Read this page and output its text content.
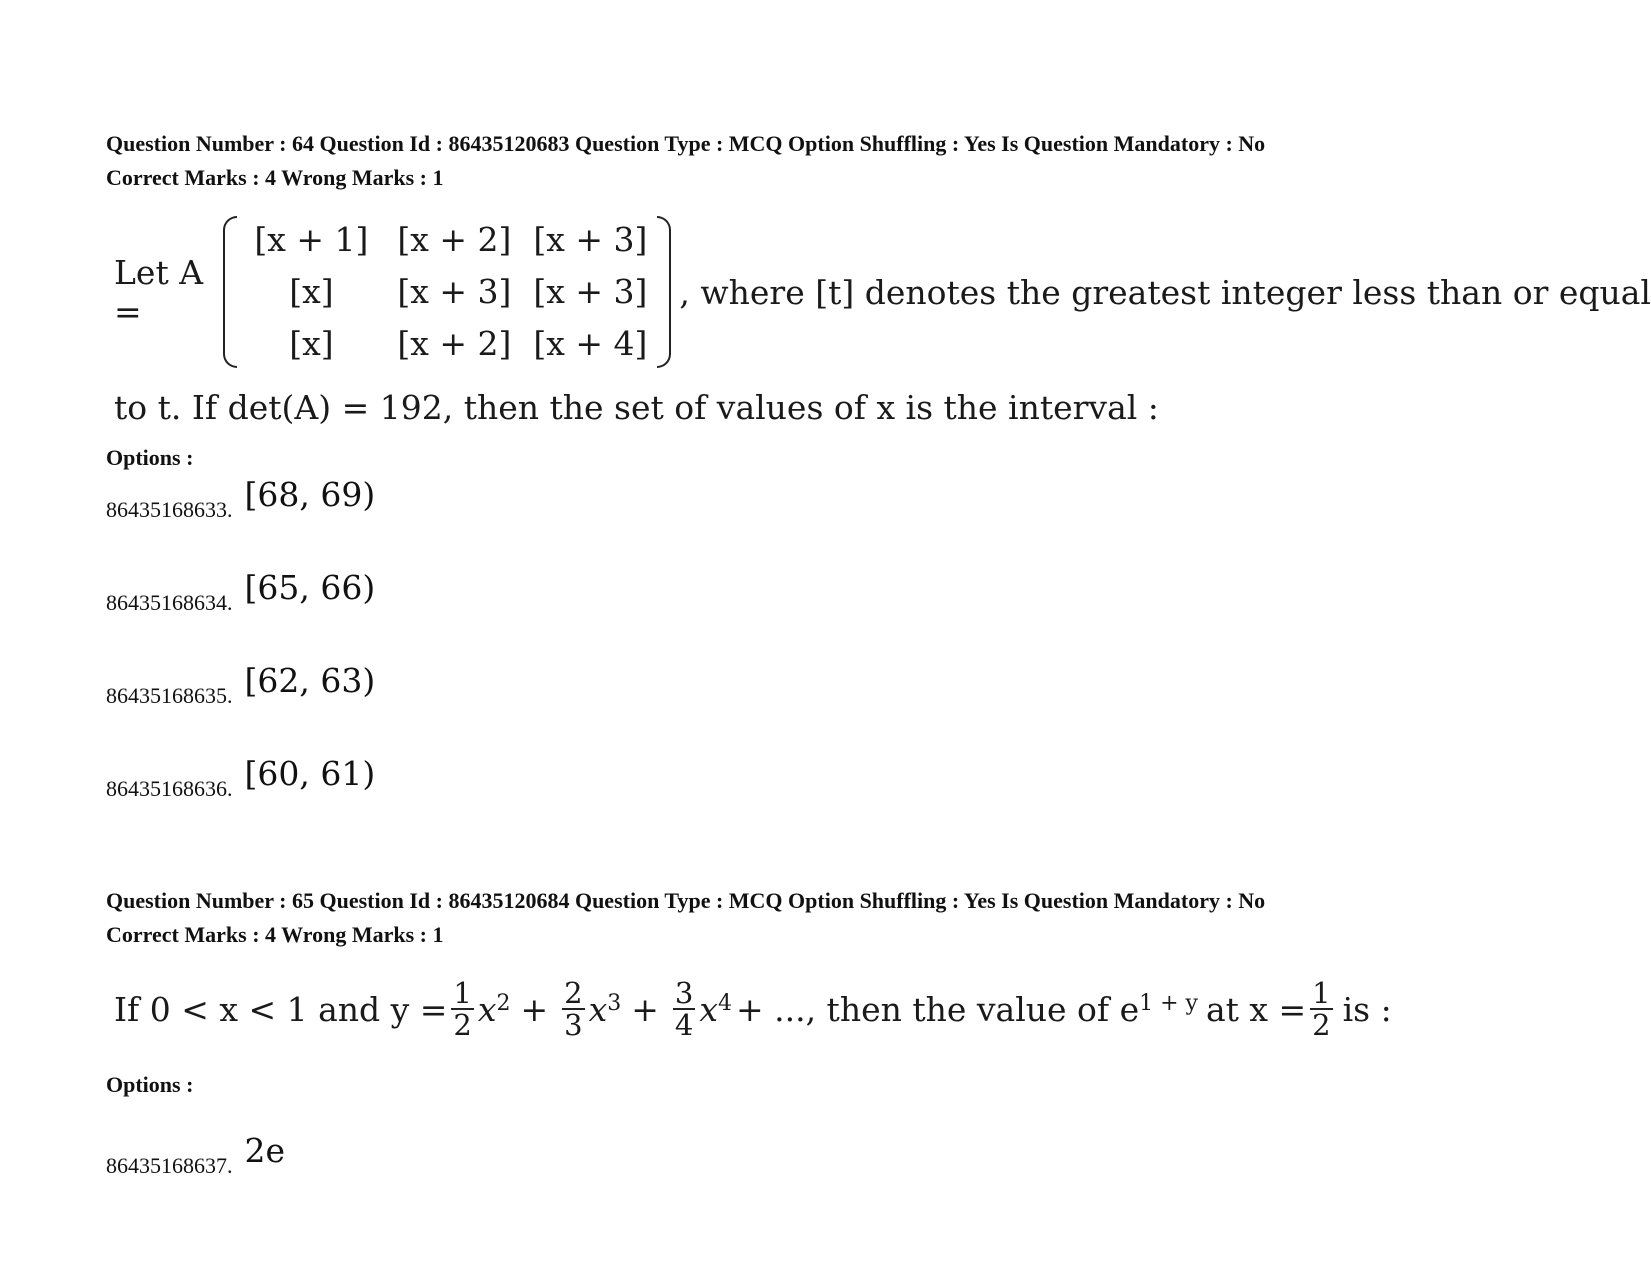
Question Number : 64 Question Id : 86435120683 Question Type : MCQ Option Shuffling : Yes Is Question Mandatory : No
Correct Marks : 4 Wrong Marks : 1
Let A =
[x + 1] [x + 2] [x + 3]
[x]	[x + 3] [x + 3]
[x]	[x + 2] [x + 4]
, where [t] denotes the greatest integer less than or equal
to t. If det(A) = 192, then the set of values of x is the interval :
Options :
86435168633. [68, 69)
86435168634. [65, 66)
86435168635. [62, 63)
86435168636. [60, 61)
Question Number : 65 Question Id : 86435120684 Question Type : MCQ Option Shuffling : Yes Is Question Mandatory : No
Correct Marks : 4 Wrong Marks : 1
If 0 < x < 1 and $y = \frac{1}{2} x^2 + \frac{2}{3} x^3 + \frac{3}{4} x^4$ + ..., then the value of $e^{1 + y}$ at $x = \frac{1}{2}$ is :
Options :
86435168637. 2e
